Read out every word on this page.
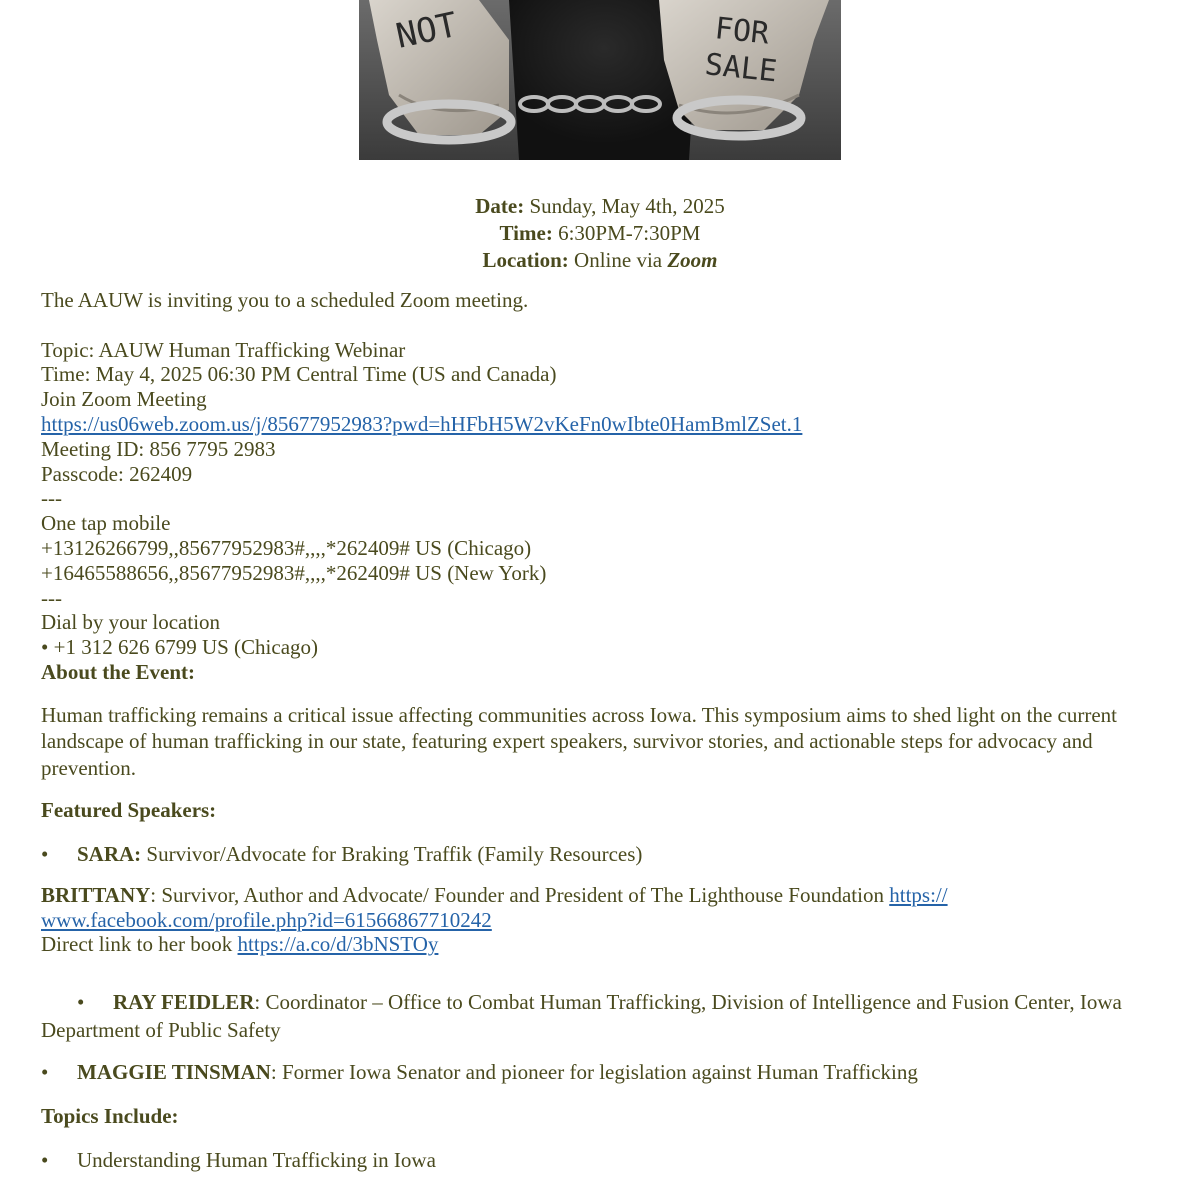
NOT	FOR
SALE
Date: Sunday, May 4th, 2025
Time: 6:30PM-7:30PM
Location: Online via Zoom

The AAUW is inviting you to a scheduled Zoom meeting.

Topic: AAUW Human Trafficking Webinar

Time: May 4, 2025 06:30 PM Central Time (US and Canada)

Join Zoom Meeting

https://us06web.zoom.us/j/85677952983?pwd=hHFbH5W2vKeFn0wIbte0HamBmlZSet.1

Meeting ID: 856 7795 2983

Passcode: 262409

---

One tap mobile

+13126266799,,85677952983#,,,,*262409# US (Chicago)

+16465588656,,85677952983#,,,,*262409# US (New York)

---

Dial by your location

• +1 312 626 6799 US (Chicago)

About the Event:

Human trafficking remains a critical issue affecting communities across Iowa. This symposium aims to shed light on the current landscape of human trafficking in our state, featuring expert speakers, survivor stories, and actionable steps for advocacy and prevention.

Featured Speakers:

• SARA: Survivor/Advocate for Braking Traffik (Family Resources)

BRITTANY: Survivor, Author and Advocate/ Founder and President of The Lighthouse Foundation https://
www.facebook.com/profile.php?id=61566867710242

Direct link to her book https://a.co/d/3bNSTOy

• RAY FEIDLER: Coordinator – Office to Combat Human Trafficking, Division of Intelligence and Fusion Center, Iowa Department of Public Safety

• MAGGIE TINSMAN: Former Iowa Senator and pioneer for legislation against Human Trafficking

Topics Include:

• Understanding Human Trafficking in Iowa
